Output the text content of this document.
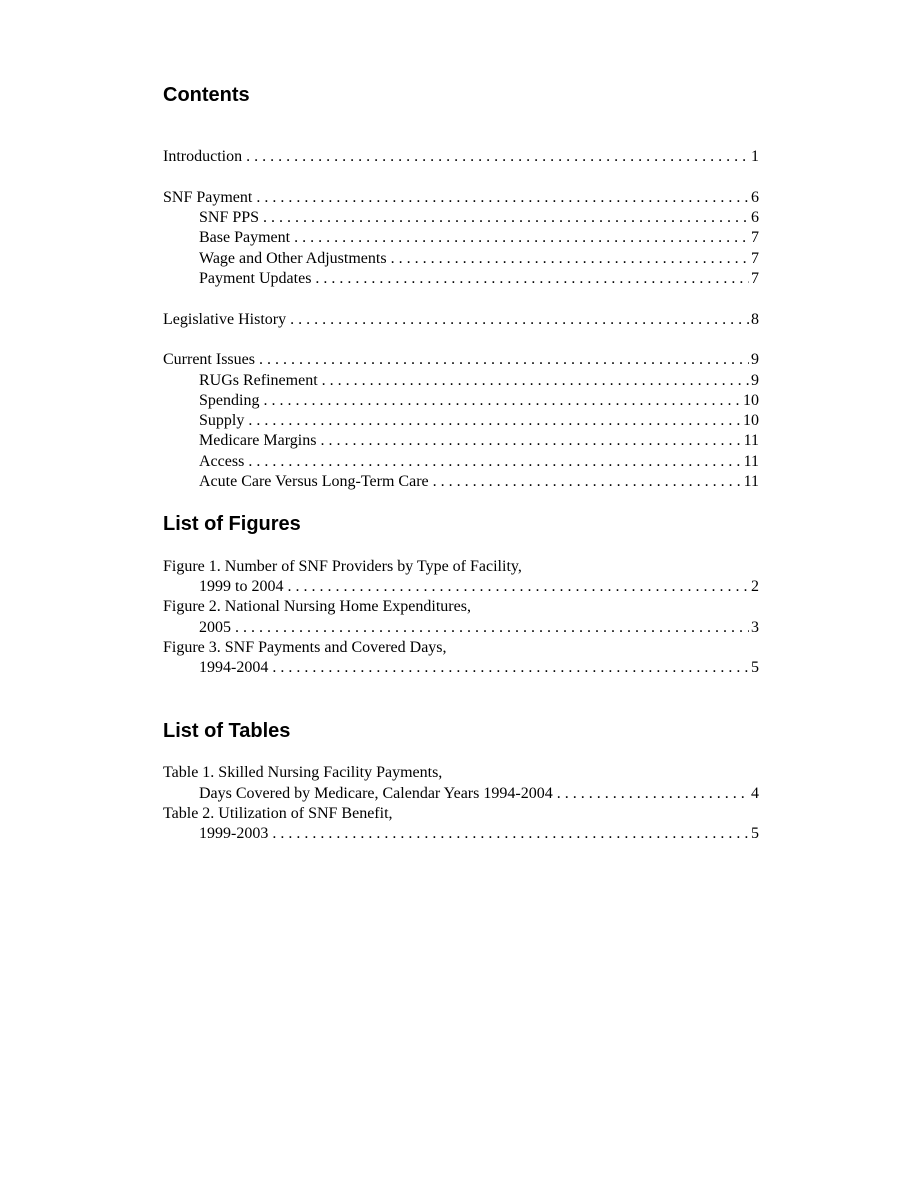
Contents
Introduction . . .	1
SNF Payment . . .	6
SNF PPS . . .	6
Base Payment . . .	7
Wage and Other Adjustments . . .	7
Payment Updates . . .	7
Legislative History . . .	8
Current Issues . . .	9
RUGs Refinement . . .	9
Spending . . .	10
Supply . . .	10
Medicare Margins . . .	11
Access . . .	11
Acute Care Versus Long-Term Care . . .	11
List of Figures
Figure 1. Number of SNF Providers by Type of Facility,
1999 to 2004 . . .	2
Figure 2. National Nursing Home Expenditures,
2005 . . .	3
Figure 3. SNF Payments and Covered Days,
1994-2004 . . .	5
List of Tables
Table 1. Skilled Nursing Facility Payments,
Days Covered by Medicare, Calendar Years 1994-2004 . . .	4
Table 2. Utilization of SNF Benefit,
1999-2003 . . .	5
